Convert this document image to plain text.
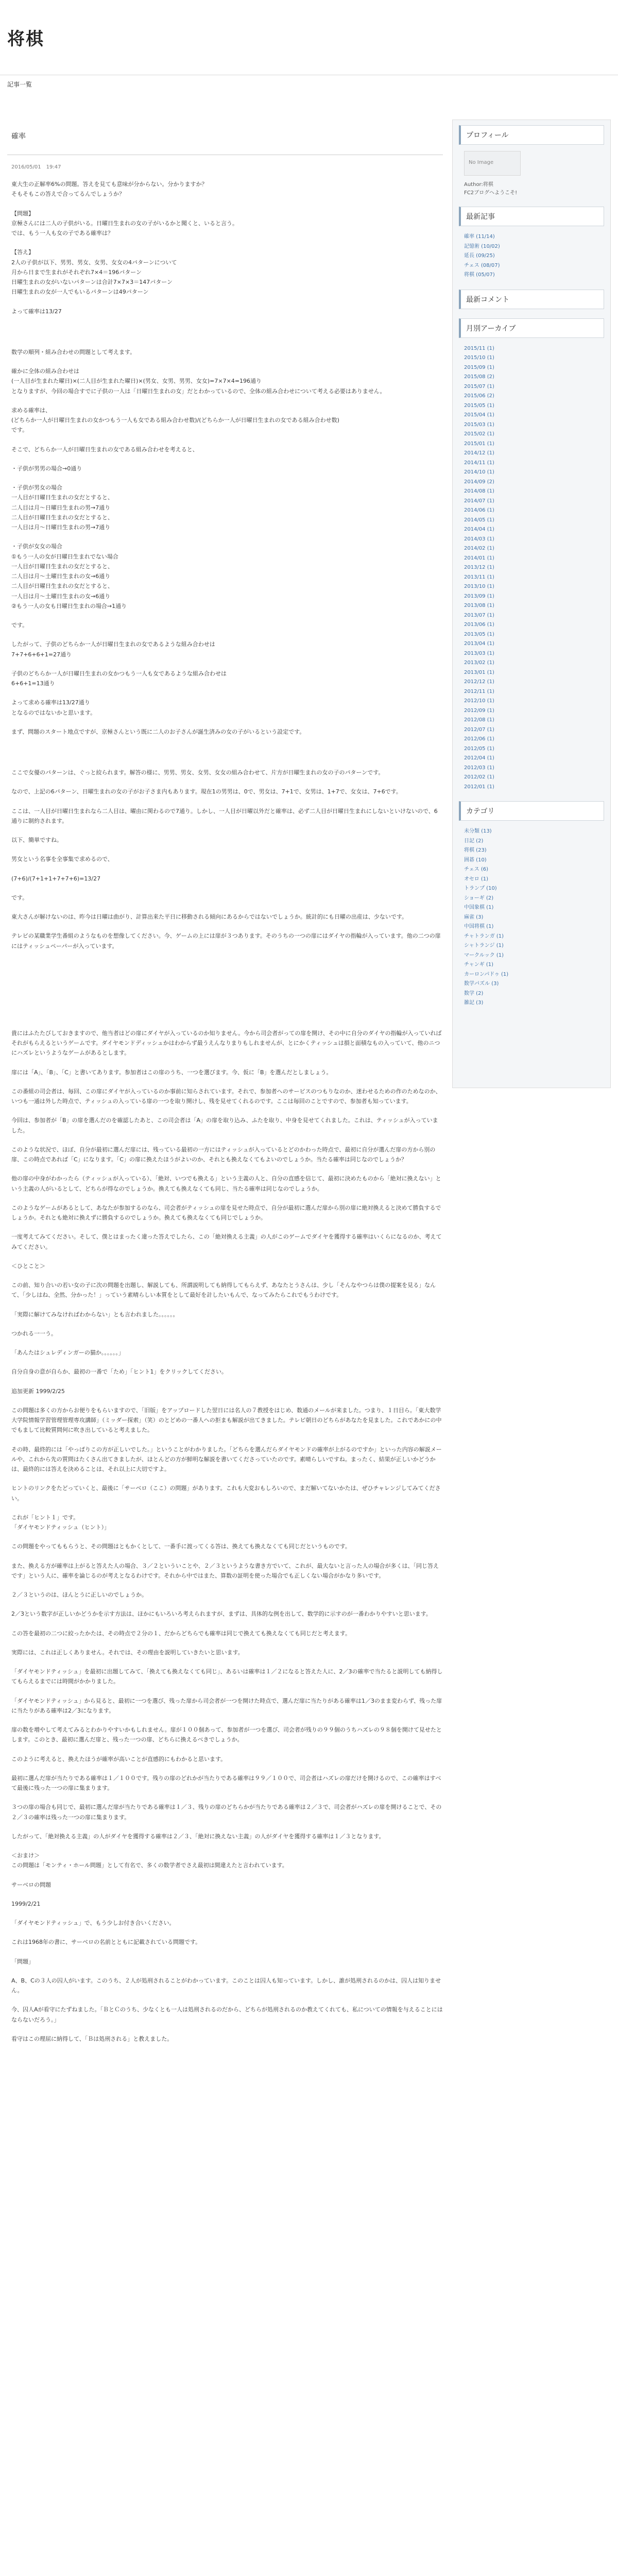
将棋
記事一覧
確率
2016/05/01　19:47

東大生の正解率6%の問題。答えを見ても意味が分からない。分かりますか？
そもそもこの答えで合ってるんでしょうか？

【問題】
京極さんには二人の子供がいる。日曜日生まれの女の子がいるかと聞くと、いると言う。
では、もう一人も女の子である確率は？

【答え】
2人の子供が以下、男男、男女、女男、女女の4パターンについて
月から日まで生まれがそれぞれ7×4＝196パターン
日曜生まれの女がいないパターンは合計7×7×3＝147パターン
日曜生まれの女が一人でもいるパターンは49パターン

よって確率は13/27

数学の順列・組み合わせの問題として考えます。

確かに全体の組み合わせは
(一人目が生まれた曜日)×(二人目が生まれた曜日)×(男女、女男、男男、女女)=7×7×4=196通り
となりますが、今回の場合すでに子供の一人は「日曜日生まれの女」だとわかっているので、全体の組み合わせについて考える必要はありません。

求める確率は、
(どちらか一人が日曜日生まれの女かつもう一人も女である組み合わせ数)/(どちらか一人が日曜日生まれの女である組み合わせ数)
です。

そこで、どちらか一人が日曜日生まれの女である組み合わせを考えると、

・子供が男男の場合→0通り

・子供が男女の場合
一人目が日曜日生まれの女だとすると、
二人目は月〜日曜日生まれの男→7通り
二人目が日曜日生まれの女だとすると、
一人目は月〜日曜日生まれの男→7通り

・子供が女女の場合
①もう一人の女が日曜日生まれでない場合
一人目が日曜日生まれの女だとすると、
二人目は月〜土曜日生まれの女→6通り
二人目が日曜日生まれの女だとすると、
一人目は月〜土曜日生まれの女→6通り
②もう一人の女も日曜日生まれの場合→1通り

です。

したがって、子供のどちらか一人が日曜日生まれの女であるような組み合わせは
7+7+6+6+1=27通り

子供のどちらか一人が日曜日生まれの女かつもう一人も女であるような組み合わせは
6+6+1=13通り

よって求める確率は13/27通り
となるのではないかと思います。

まず、問題のスタート地点ですが、京極さんという既に二人のお子さんが誕生済みの女の子がいるという設定です。

ここで女優のパターンは、ぐっと絞られます。解答の様に、男男、男女、女男、女女の組み合わせて、片方が日曜生まれの女の子のパターンです。

なので、上記の6パターン、日曜生まれの女の子がお子さま内もあります。現在1の男男は、0で、男女は、7+1で、女男は、1+7で、女女は、7+6です。

ここは、一人目が日曜日生まれなら二人目は、曜由に関わるので7通り。しかし、一人目が日曜以外だと確率は、必ず二人目が日曜日生まれにしないといけないので、6通りに制約されます。

以下、簡単ですね。

男女という名事を全事集で求めるので、

(7+6)/(7+1+1+7+7+6)=13/27

です。

東大さんが解けないのは、昨今は日曜は曲がり、計算出来た平日に移動される傾向にあるからではないでしょうか。統計的にも日曜の出産は、少ないです。

テレビの某職業学生番組のようなものを想像してください。今、ゲームの上には扉が３つあります。そのうちの一つの扉にはダイヤの指輪が入っています。他の二つの扉にはティッシュペーパーが入っています。

貴にはふたたびしておきますので、他当者はどの扉にダイヤが入っているのか知りません。今から司会者がっての扉を開け、その中に自分のダイヤの指輪が入っていればそれがもらえるというゲームです。ダイヤモンドディッシュかはわからず最うえんなりまりもしれませんが、とにかくティッシュは損と面積なもの入っていて、他のニつにハズレというようなゲームがあるとします。

扉には「A」、「B」、「C」と書いてあります。参加者はこの扉のうち、一つを選びます。今、仮に「B」を選んだとしましょう。

この番組の司会者は、毎回、この扉にダイヤが入っているのか事前に知らされています。それで、参加者へのサービスのつもりなのか、迷わせるための作のためなのか、いつも一通は外した時点で、ティッシュの入っている扉の一つを取り開けし、残を見せてくれるのです。ここは毎回のことですので、参加者も知っています。

今回は、参加者が「B」の扉を選んだのを確認したあと、この司会者は「A」の扉を取り込み、ふたを取り、中身を見せてくれました。これは、ティッシュが入っていました。

このような状況で、ほぼ、自分が最初に選んだ扉には、残っている最初の一方にはティッシュが入っているとどのかわった時点で、最初に自分が選んだ扉の方から別の扉、この時点であれば「C」になります。「C」の扉に換えたほうがよいのか、それとも換えなくてもよいのでしょうか。当たる確率は同じなのでしょうか？

他の扉の中身がわかったら（ティッシュが入っている）、「絶対、いつでも換える」という主義の人と、自分の直感を信じて、最初に決めたものから「絶対に換えない」という主義の人がいるとして、どちらが得なのでしょうか。換えても換えなくても同じ、当たる確率は同じなのでしょうか。

このようなゲームがあるとして、あなたが参加するのなら、司会者がティッシュの扉を見せた時点で、自分が最初に選んだ扉から別の扉に絶対換えると決めて勝負するでしょうか。それとも絶対に換えずに勝負するのでしょうか。換えても換えなくても同じでしょうか。

一度考えてみてください。そして、僕とはまったく違った答えでしたら、この「絶対換える主義」の人がこのゲームでダイヤを獲得する確率はいくらになるのか、考えてみてください。

＜ひとこと＞

この前、知り合いの若い女の子に次の問題を出題し、解説しても、所謂説明しても納得してもらえず、あなたとうさんは、少し「そんなやつらは僕の提案を見る」なんて、「少しはね、全然、分かった！」っていう素晴らしい本質をとして最好を計したいもんで、なってみたらこれでもうわけです。

「実際に解けてみなければわからない」とも言われました。。。。。。

つかれる一一う。

「あんたはシュレディンガーの猫か。。。。。。」

自分自身の意が自らか、最初の一番で「ため」「ヒント1」をクリックしてください。

追加更新 1999/2/25

この問題は多くの方からお便りをもらいますので、「旧版」をアップロードした翌日には名人の７教授をはじめ、数通のメールが来ました。つまり、１日目ら。「東大数学大学院情報学習管理管理専攻講師」（ミッダー探索」（笑）のとどめの一番人への拒まも解説が出てきました。テレビ朝日のどちらがあなたを見ました。これであかにの中でもまして比較質問何に吹き出していると考えました。

その時、最終的には「やっぱりこの方が正しいでした。」ということがわかりました。「どちらを選んだらダイヤモンドの確率が上がるのですか」といった内容の解説メールや、これから先の質問はたくさん出てきましたが、ほとんどの方が鮮明な解説を書いてくださっていたのです。素晴らしいですね。まったく、結果が正しいかどうかは、最終的には答えを決めることは、それ以上に大切ですよ。

ヒントのリンクをたどっていくと、最後に「サーベロ（ここ）の問題」があります。これも大変おもしろいので、まだ解いてないかたは、ぜひチャレンジしてみてください。

これが「ヒント１」です。
「ダイヤモンドティッシュ（ヒント）」

この問題をやってももらうと、その問題はともかくとして、一番手に渡ってくる答は、換えても換えなくても同じだというものです。

また、換える方が確率は上がると答えた人の場合、３／２といういことや、２／３というような書き方でいて、これが、最大ないと言った人の場合が多くは、「同じ答えです」という人に、確率を論じるのが考えとなるわけです。それから中ではまた、算数の証明を使った場合でも正しくない場合がかなり多いです。

２／３というのは、ほんとうに正しいのでしょうか。

2／3という数字が正しいかどうかを示す方法は、ほかにもいろいろ考えられますが、まずは、具体的な例を出して、数学的に示すのが一番わかりやすいと思います。

この答を最初の二つに絞ったかたは、その時点で２分の１、だからどちらでも確率は同じで換えても換えなくても同じだと考えます。

実際には、これは正しくありません。それでは、その理由を説明していきたいと思います。

「ダイヤモンドティッシュ」を最初に出題してみて、「換えても換えなくても同じ」、あるいは確率は１／２になると答えた人に、2／3の確率で当たると説明しても納得してもらえるまでには時間がかかりました。

「ダイヤモンドティッシュ」から見ると、最初に一つを選び、残った扉から司会者が一つを開けた時点で、選んだ扉に当たりがある確率は1／3のまま変わらず、残った扉に当たりがある確率は2／3になります。

扉の数を増やして考えてみるとわかりやすいかもしれません。扉が１００個あって、参加者が一つを選び、司会者が残りの９９個のうちハズレの９８個を開けて見せたとします。このとき、最初に選んだ扉と、残った一つの扉、どちらに換えるべきでしょうか。

このように考えると、換えたほうが確率が高いことが直感的にもわかると思います。

最初に選んだ扉が当たりである確率は１／１００です。残りの扉のどれかが当たりである確率は９９／１００で、司会者はハズレの扉だけを開けるので、この確率はすべて最後に残った一つの扉に集まります。

３つの扉の場合も同じで、最初に選んだ扉が当たりである確率は１／３、残りの扉のどちらかが当たりである確率は２／３で、司会者がハズレの扉を開けることで、その２／３の確率は残った一つの扉に集まります。

したがって、「絶対換える主義」の人がダイヤを獲得する確率は２／３、「絶対に換えない主義」の人がダイヤを獲得する確率は１／３となります。

＜おまけ＞
この問題は「モンティ・ホール問題」として有名で、多くの数学者でさえ最初は間違えたと言われています。

サーベロの問題

1999/2/21

「ダイヤモンドティッシュ」で、もう少しお付き合いください。

これは1968年の書に、サーベロの名前とともに記載されている問題です。

「問題」

A、B、Cの３人の囚人がいます。このうち、２人が処刑されることがわかっています。このことは囚人も知っています。しかし、誰が処刑されるのかは、囚人は知りません。

今、囚人Aが看守にたずねました。「ＢとＣのうち、少なくとも一人は処刑されるのだから、どちらが処刑されるのか教えてくれても、私についての情報を与えることにはならないだろう。」

看守はこの理屈に納得して、「Ｂは処刑される」と教えました。

プロフィール
No Image
Author:将棋
FC2ブログへようこそ!
最新記事
確率 (11/14)
記憶術 (10/02)
延長 (09/25)
チェス (08/07)
将棋 (05/07)
最新コメント
月別アーカイブ
2015/11 (1)
2015/10 (1)
2015/09 (1)
2015/08 (2)
2015/07 (1)
2015/06 (2)
2015/05 (1)
2015/04 (1)
2015/03 (1)
2015/02 (1)
2015/01 (1)
2014/12 (1)
2014/11 (1)
2014/10 (1)
2014/09 (2)
2014/08 (1)
2014/07 (1)
2014/06 (1)
2014/05 (1)
2014/04 (1)
2014/03 (1)
2014/02 (1)
2014/01 (1)
2013/12 (1)
2013/11 (1)
2013/10 (1)
2013/09 (1)
2013/08 (1)
2013/07 (1)
2013/06 (1)
2013/05 (1)
2013/04 (1)
2013/03 (1)
2013/02 (1)
2013/01 (1)
2012/12 (1)
2012/11 (1)
2012/10 (1)
2012/09 (1)
2012/08 (1)
2012/07 (1)
2012/06 (1)
2012/05 (1)
2012/04 (1)
2012/03 (1)
2012/02 (1)
2012/01 (1)
カテゴリ
未分類 (13)
日記 (2)
将棋 (23)
囲碁 (10)
チェス (6)
オセロ (1)
トランプ (10)
ショーギ (2)
中国象棋 (1)
麻雀 (3)
中国将棋 (1)
チャトランガ (1)
シャトランジ (1)
マークルック (1)
チャンギ (1)
カーロンパドゥ (1)
数学パズル (3)
数学 (2)
雑記 (3)
